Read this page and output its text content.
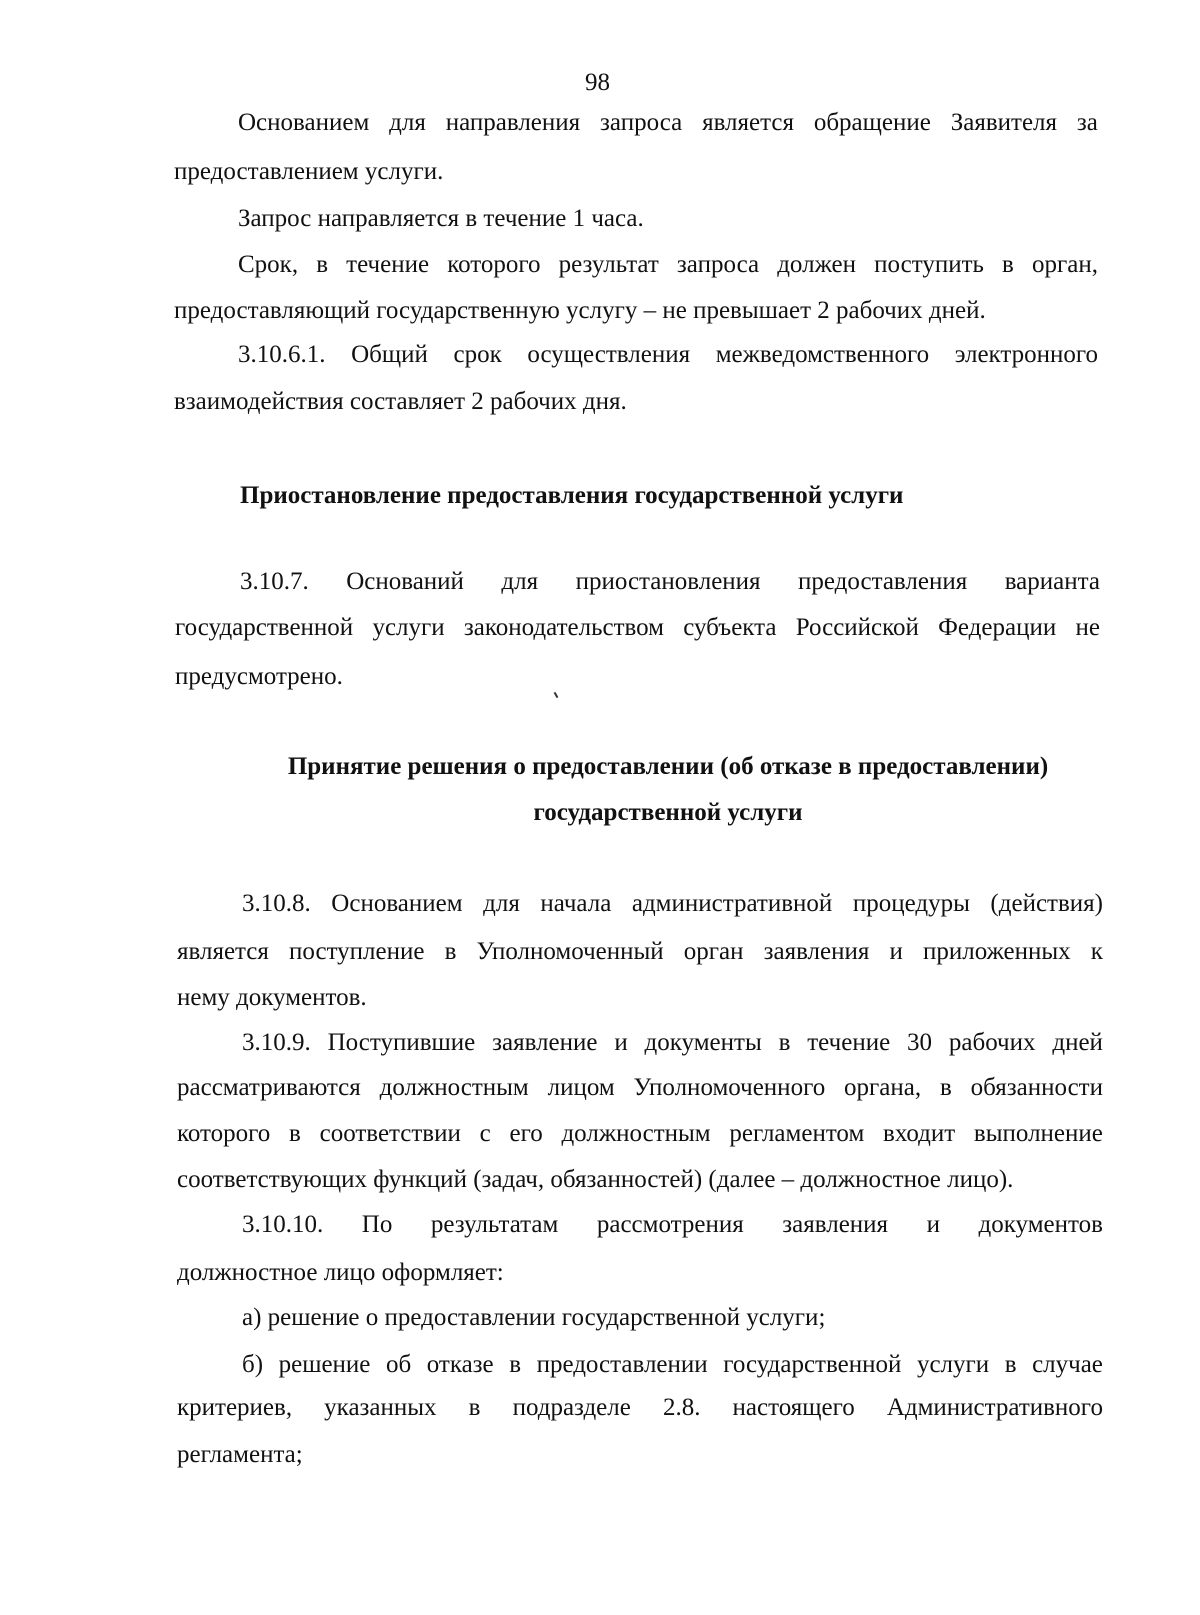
98
Основанием для направления запроса является обращение Заявителя за
предоставлением услуги.
Запрос направляется в течение 1 часа.
Срок, в течение которого результат запроса должен поступить в орган,
предоставляющий государственную услугу – не превышает 2 рабочих дней.
3.10.6.1. Общий срок осуществления межведомственного электронного
взаимодействия составляет 2 рабочих дня.
Приостановление предоставления государственной услуги
3.10.7. Оснований для приостановления предоставления варианта
государственной услуги законодательством субъекта Российской Федерации не
предусмотрено.
Принятие решения о предоставлении (об отказе в предоставлении)
государственной услуги
3.10.8. Основанием для начала административной процедуры (действия)
является поступление в Уполномоченный орган заявления и приложенных к
нему документов.
3.10.9. Поступившие заявление и документы в течение 30 рабочих дней
рассматриваются должностным лицом Уполномоченного органа, в обязанности
которого в соответствии с его должностным регламентом входит выполнение
соответствующих функций (задач, обязанностей) (далее – должностное лицо).
3.10.10. По результатам рассмотрения заявления и документов
должностное лицо оформляет:
а) решение о предоставлении государственной услуги;
б) решение об отказе в предоставлении государственной услуги в случае
критериев, указанных в подразделе 2.8. настоящего Административного
регламента;
